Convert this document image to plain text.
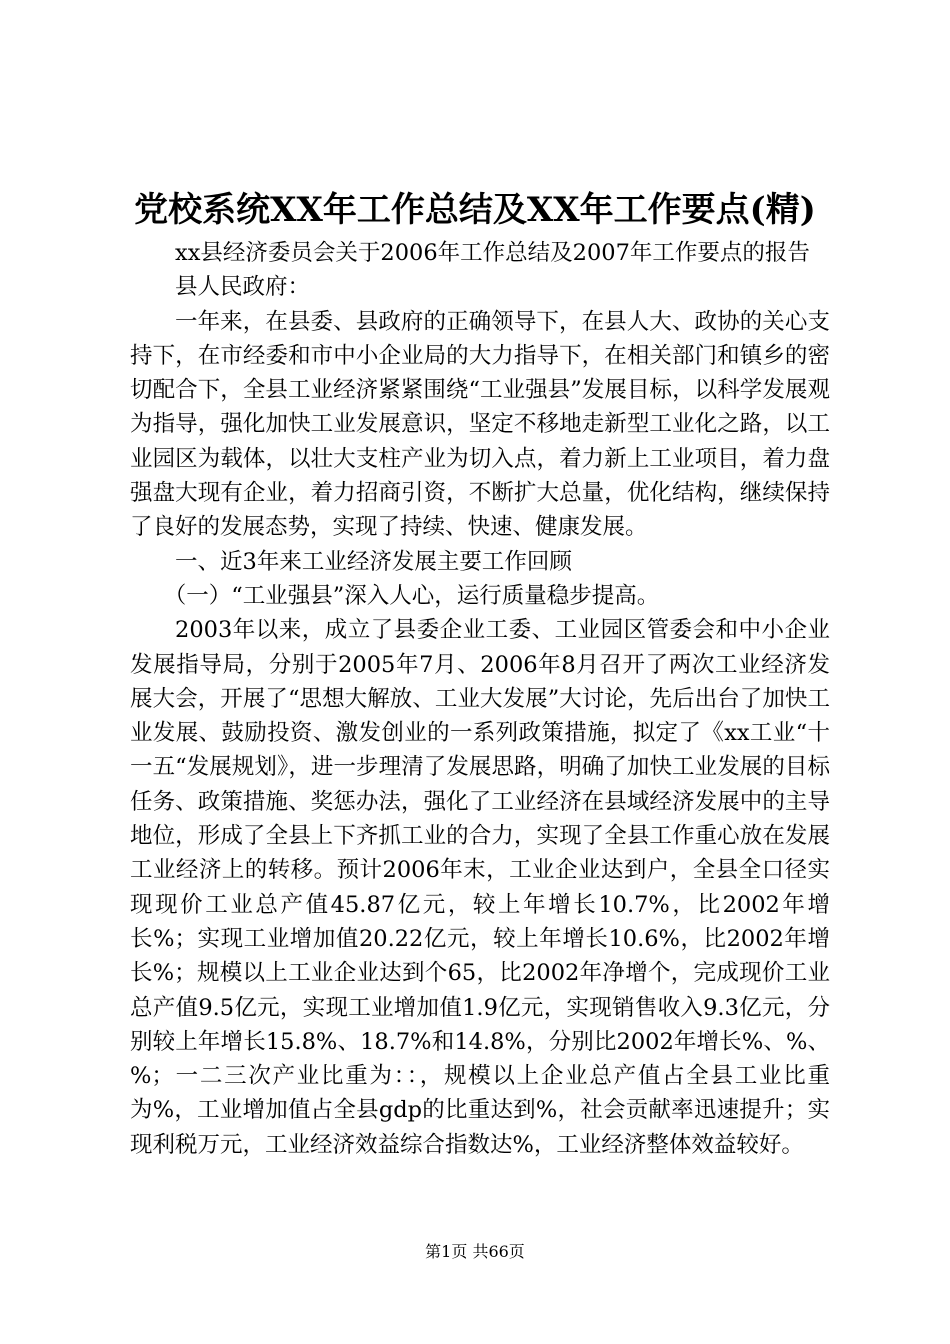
党校系统XX年工作总结及XX年工作要点(精)

xx县经济委员会关于2006年工作总结及2007年工作要点的报告

县人民政府：

一年来，在县委、县政府的正确领导下，在县人大、政协的关心支持下，在市经委和市中小企业局的大力指导下，在相关部门和镇乡的密切配合下，全县工业经济紧紧围绕“工业强县”发展目标，以科学发展观为指导，强化加快工业发展意识，坚定不移地走新型工业化之路，以工业园区为载体，以壮大支柱产业为切入点，着力新上工业项目，着力盘强盘大现有企业，着力招商引资，不断扩大总量，优化结构，继续保持了良好的发展态势，实现了持续、快速、健康发展。

一、近3年来工业经济发展主要工作回顾

（一）“工业强县”深入人心，运行质量稳步提高。

2003年以来，成立了县委企业工委、工业园区管委会和中小企业发展指导局，分别于2005年7月、2006年8月召开了两次工业经济发展大会，开展了“思想大解放、工业大发展”大讨论，先后出台了加快工业发展、鼓励投资、激发创业的一系列政策措施，拟定了《xx工业“十一五“发展规划》，进一步理清了发展思路，明确了加快工业发展的目标任务、政策措施、奖惩办法，强化了工业经济在县域经济发展中的主导地位，形成了全县上下齐抓工业的合力，实现了全县工作重心放在发展工业经济上的转移。预计2006年末，工业企业达到户，全县全口径实现现价工业总产值45.87亿元，较上年增长10.7%，比2002年增长%；实现工业增加值20.22亿元，较上年增长10.6%，比2002年增长%；规模以上工业企业达到个65，比2002年净增个，完成现价工业总产值9.5亿元，实现工业增加值1.9亿元，实现销售收入9.3亿元，分别较上年增长15.8%、18.7%和14.8%，分别比2002年增长%、%、%；一二三次产业比重为：：，规模以上企业总产值占全县工业比重为%，工业增加值占全县gdp的比重达到%，社会贡献率迅速提升；实现利税万元，工业经济效益综合指数达%，工业经济整体效益较好。

第1页 共66页
